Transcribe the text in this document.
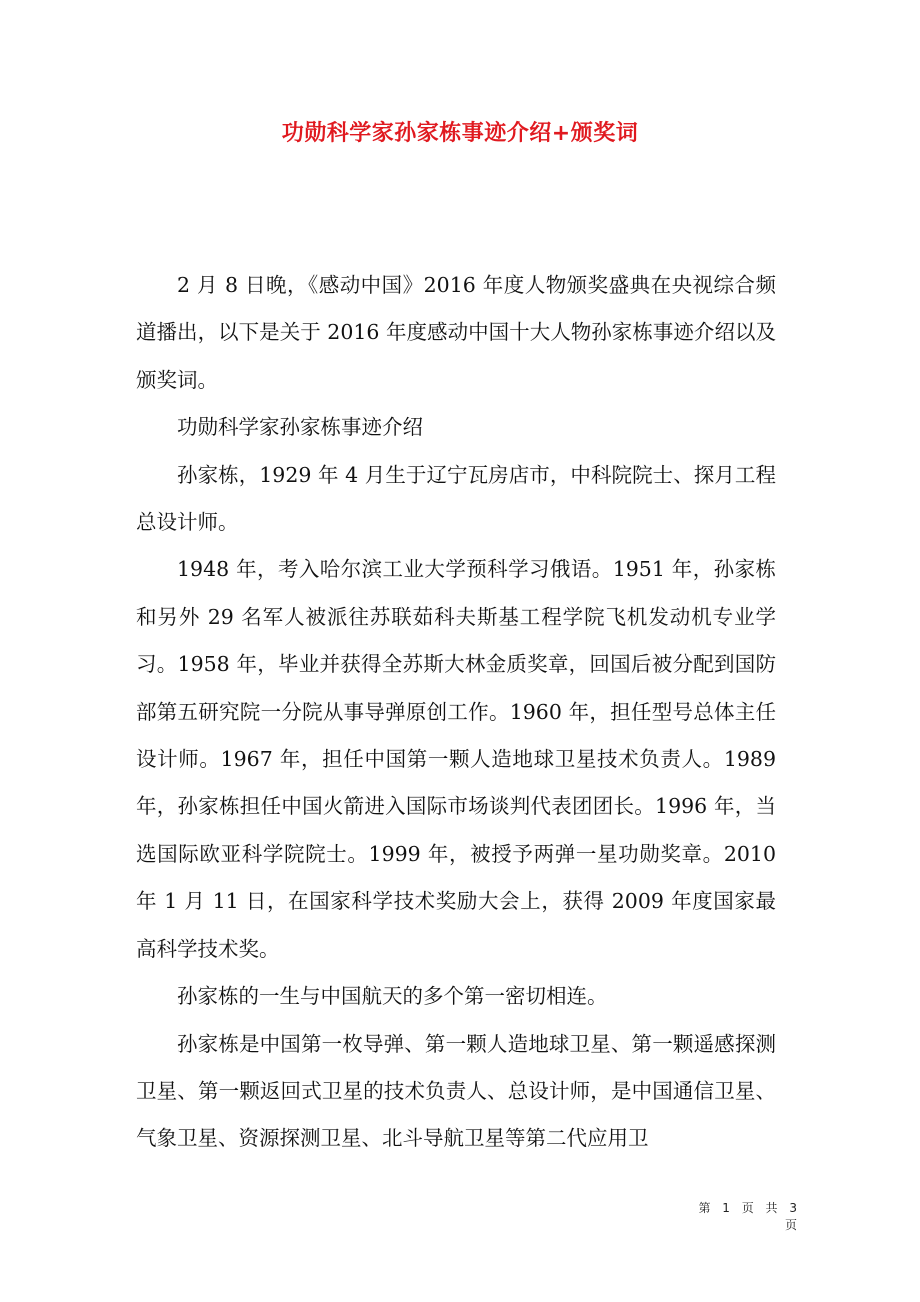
功勋科学家孙家栋事迹介绍+颁奖词

2 月 8 日晚，《感动中国》2016 年度人物颁奖盛典在央视综合频道播出，以下是关于 2016 年度感动中国十大人物孙家栋事迹介绍以及颁奖词。

功勋科学家孙家栋事迹介绍

孙家栋，1929 年 4 月生于辽宁瓦房店市，中科院院士、探月工程总设计师。

1948 年，考入哈尔滨工业大学预科学习俄语。1951 年，孙家栋和另外 29 名军人被派往苏联茹科夫斯基工程学院飞机发动机专业学习。1958 年，毕业并获得全苏斯大林金质奖章，回国后被分配到国防部第五研究院一分院从事导弹原创工作。1960 年，担任型号总体主任设计师。1967 年，担任中国第一颗人造地球卫星技术负责人。1989 年，孙家栋担任中国火箭进入国际市场谈判代表团团长。1996 年，当选国际欧亚科学院院士。1999 年，被授予两弹一星功勋奖章。2010 年 1 月 11 日，在国家科学技术奖励大会上，获得 2009 年度国家最高科学技术奖。

孙家栋的一生与中国航天的多个第一密切相连。

孙家栋是中国第一枚导弹、第一颗人造地球卫星、第一颗遥感探测卫星、第一颗返回式卫星的技术负责人、总设计师，是中国通信卫星、气象卫星、资源探测卫星、北斗导航卫星等第二代应用卫

第 1 页 共 3 页
